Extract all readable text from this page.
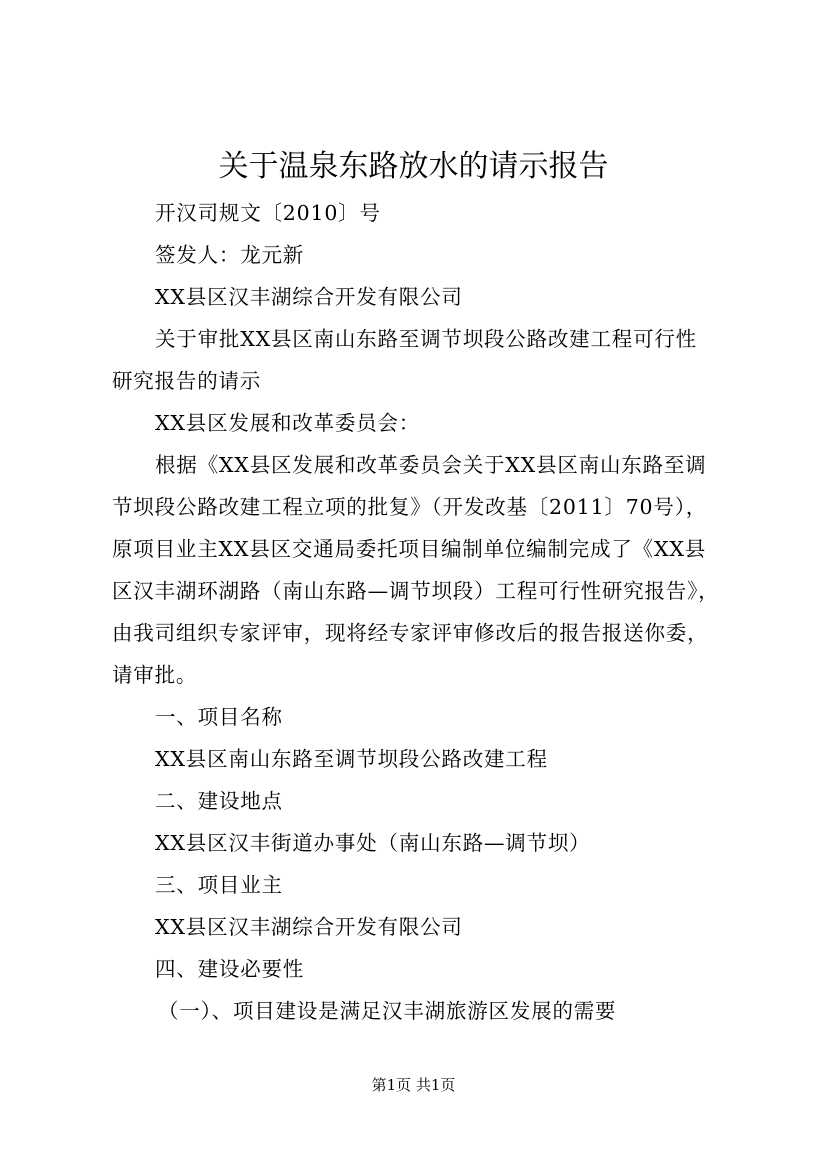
关于温泉东路放水的请示报告
开汉司规文〔2010〕号
签发人：龙元新
XX县区汉丰湖综合开发有限公司
关于审批XX县区南山东路至调节坝段公路改建工程可行性
研究报告的请示
XX县区发展和改革委员会：
根据《XX县区发展和改革委员会关于XX县区南山东路至调
节坝段公路改建工程立项的批复》（开发改基〔2011〕70号），
原项目业主XX县区交通局委托项目编制单位编制完成了《XX县
区汉丰湖环湖路（南山东路—调节坝段）工程可行性研究报告》，
由我司组织专家评审，现将经专家评审修改后的报告报送你委，
请审批。
一、项目名称
XX县区南山东路至调节坝段公路改建工程
二、建设地点
XX县区汉丰街道办事处（南山东路—调节坝）
三、项目业主
XX县区汉丰湖综合开发有限公司
四、建设必要性
（一）、项目建设是满足汉丰湖旅游区发展的需要
第1页 共1页
